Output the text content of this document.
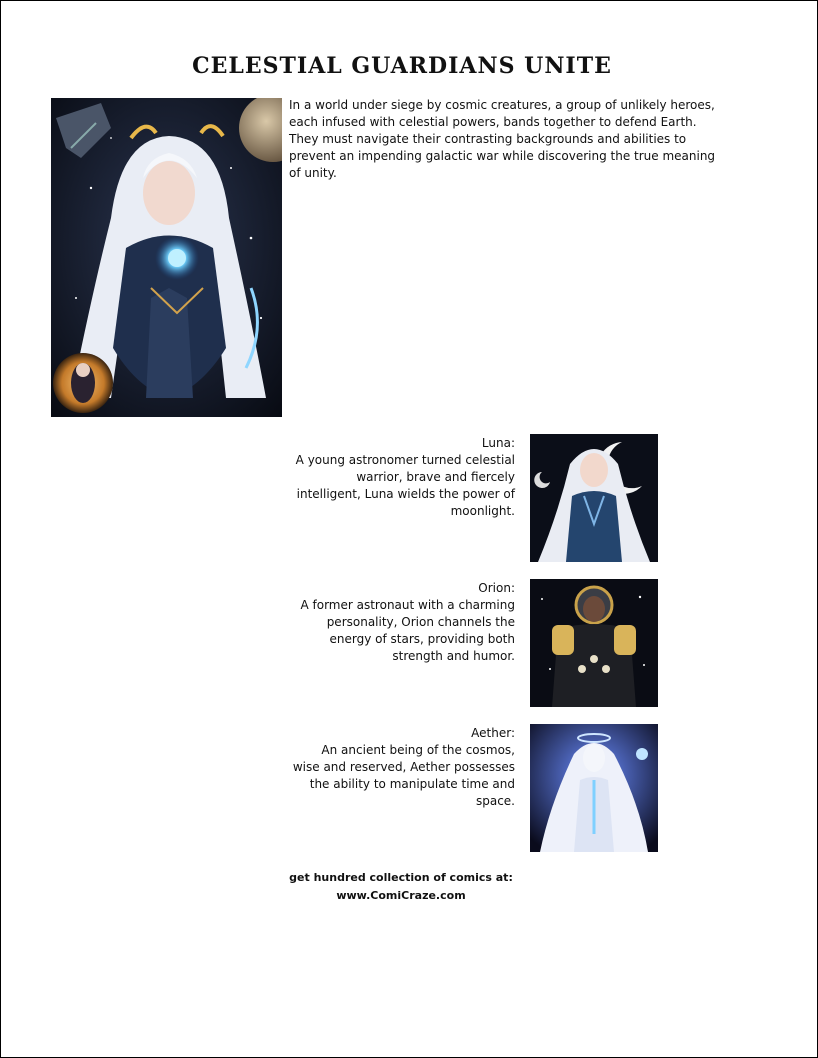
CELESTIAL GUARDIANS UNITE
In a world under siege by cosmic creatures, a group of unlikely heroes, each infused with celestial powers, bands together to defend Earth. They must navigate their contrasting backgrounds and abilities to prevent an impending galactic war while discovering the true meaning of unity.
Luna:
A young astronomer turned celestial warrior, brave and fiercely intelligent, Luna wields the power of moonlight.
Orion:
A former astronaut with a charming personality, Orion channels the energy of stars, providing both strength and humor.
Aether:
An ancient being of the cosmos, wise and reserved, Aether possesses the ability to manipulate time and space.
get hundred collection of comics at:
www.ComiCraze.com
